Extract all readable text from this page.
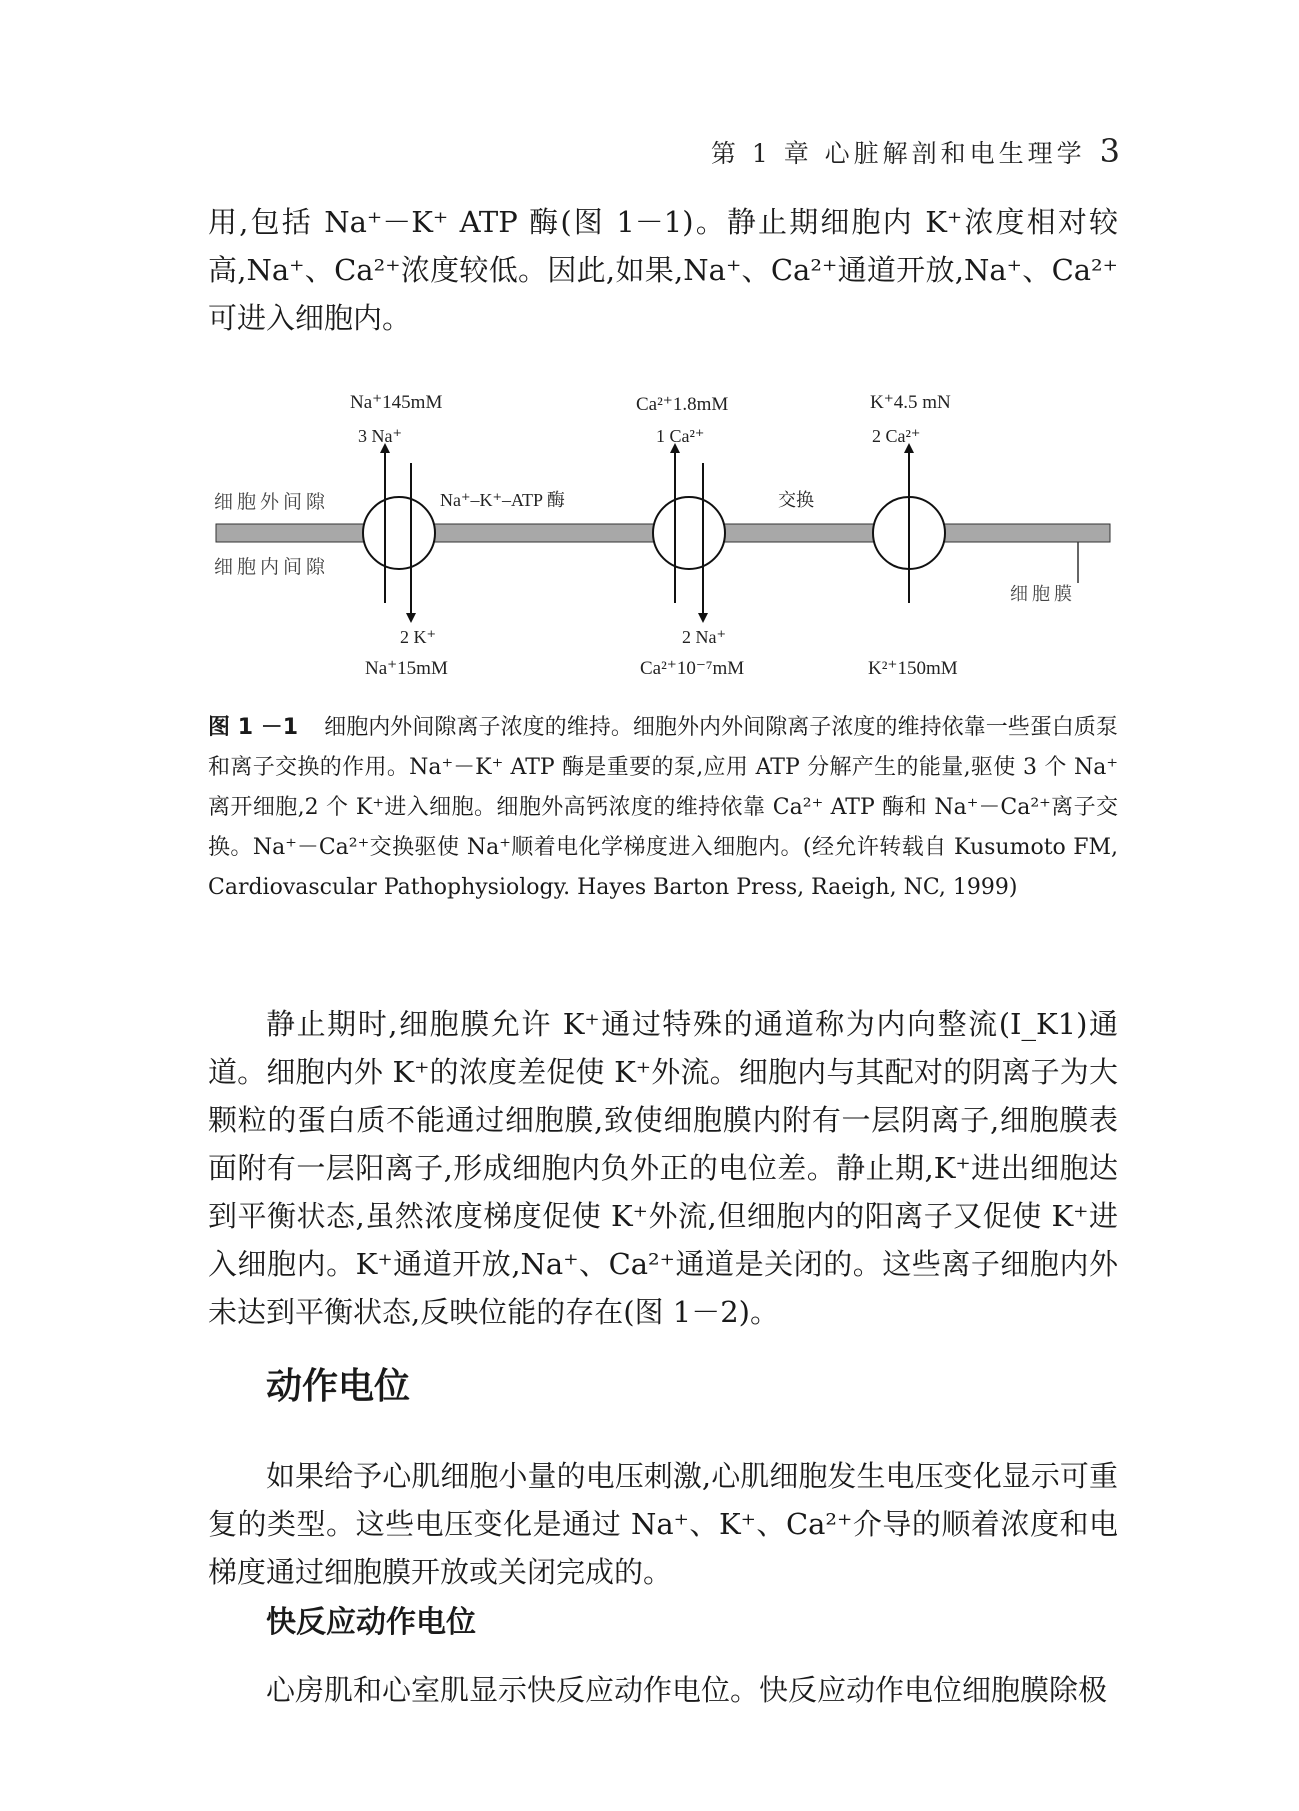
第 1 章 心脏解剖和电生理学 3

用,包括 Na⁺－K⁺ ATP 酶(图 1－1)。静止期细胞内 K⁺浓度相对较高,Na⁺、Ca²⁺浓度较低。因此,如果,Na⁺、Ca²⁺通道开放,Na⁺、Ca²⁺可进入细胞内。

细胞外间隙
细胞内间隙
细胞膜
Na⁺145mM
3 Na⁺
Na⁺–K⁺–ATP 酶
2 K⁺
Na⁺15mM
Ca²⁺1.8mM
1 Ca²⁺
交换
2 Na⁺
Ca²⁺10⁻⁷mM
K⁺4.5 mN
2 Ca²⁺
K²⁺150mM

图 1 －1 细胞内外间隙离子浓度的维持。细胞外内外间隙离子浓度的维持依靠一些蛋白质泵和离子交换的作用。Na⁺－K⁺ ATP 酶是重要的泵,应用 ATP 分解产生的能量,驱使 3 个 Na⁺离开细胞,2 个 K⁺进入细胞。细胞外高钙浓度的维持依靠 Ca²⁺ ATP 酶和 Na⁺－Ca²⁺离子交换。Na⁺－Ca²⁺交换驱使 Na⁺顺着电化学梯度进入细胞内。(经允许转载自 Kusumoto FM, Cardiovascular Pathophysiology. Hayes Barton Press, Raeigh, NC, 1999)

静止期时,细胞膜允许 K⁺通过特殊的通道称为内向整流(I_K1)通道。细胞内外 K⁺的浓度差促使 K⁺外流。细胞内与其配对的阴离子为大颗粒的蛋白质不能通过细胞膜,致使细胞膜内附有一层阴离子,细胞膜表面附有一层阳离子,形成细胞内负外正的电位差。静止期,K⁺进出细胞达到平衡状态,虽然浓度梯度促使 K⁺外流,但细胞内的阳离子又促使 K⁺进入细胞内。K⁺通道开放,Na⁺、Ca²⁺通道是关闭的。这些离子细胞内外未达到平衡状态,反映位能的存在(图 1－2)。

动作电位

如果给予心肌细胞小量的电压刺激,心肌细胞发生电压变化显示可重复的类型。这些电压变化是通过 Na⁺、K⁺、Ca²⁺介导的顺着浓度和电梯度通过细胞膜开放或关闭完成的。

快反应动作电位

心房肌和心室肌显示快反应动作电位。快反应动作电位细胞膜除极
